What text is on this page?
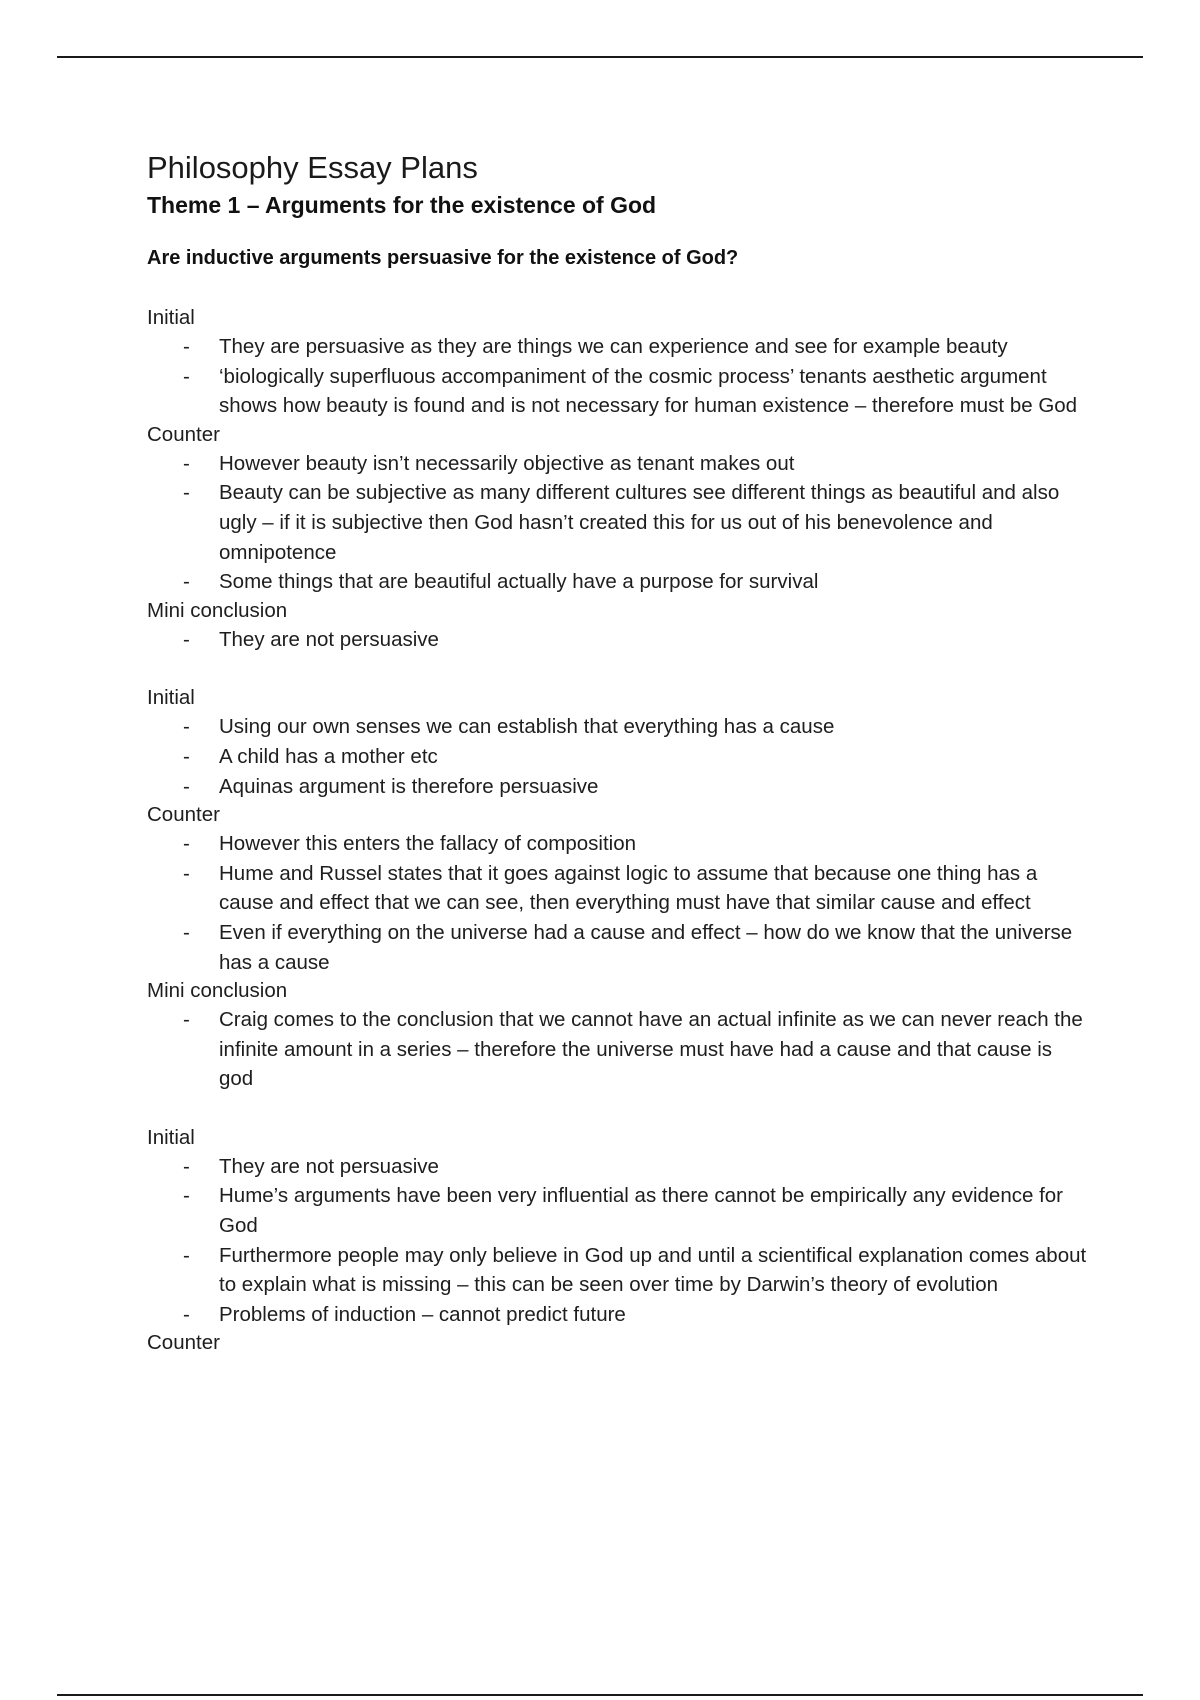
Philosophy Essay Plans
Theme 1 – Arguments for the existence of God

Are inductive arguments persuasive for the existence of God?

Initial

- They are persuasive as they are things we can experience and see for example beauty
- ‘biologically superfluous accompaniment of the cosmic process’ tenants aesthetic argument shows how beauty is found and is not necessary for human existence – therefore must be God

Counter

- However beauty isn’t necessarily objective as tenant makes out
- Beauty can be subjective as many different cultures see different things as beautiful and also ugly – if it is subjective then God hasn’t created this for us out of his benevolence and omnipotence
- Some things that are beautiful actually have a purpose for survival

Mini conclusion

- They are not persuasive

Initial

- Using our own senses we can establish that everything has a cause
- A child has a mother etc
- Aquinas argument is therefore persuasive

Counter

- However this enters the fallacy of composition
- Hume and Russel states that it goes against logic to assume that because one thing has a cause and effect that we can see, then everything must have that similar cause and effect
- Even if everything on the universe had a cause and effect – how do we know that the universe has a cause

Mini conclusion

- Craig comes to the conclusion that we cannot have an actual infinite as we can never reach the infinite amount in a series – therefore the universe must have had a cause and that cause is god

Initial

- They are not persuasive
- Hume’s arguments have been very influential as there cannot be empirically any evidence for God
- Furthermore people may only believe in God up and until a scientifical explanation comes about to explain what is missing – this can be seen over time by Darwin’s theory of evolution
- Problems of induction – cannot predict future

Counter
